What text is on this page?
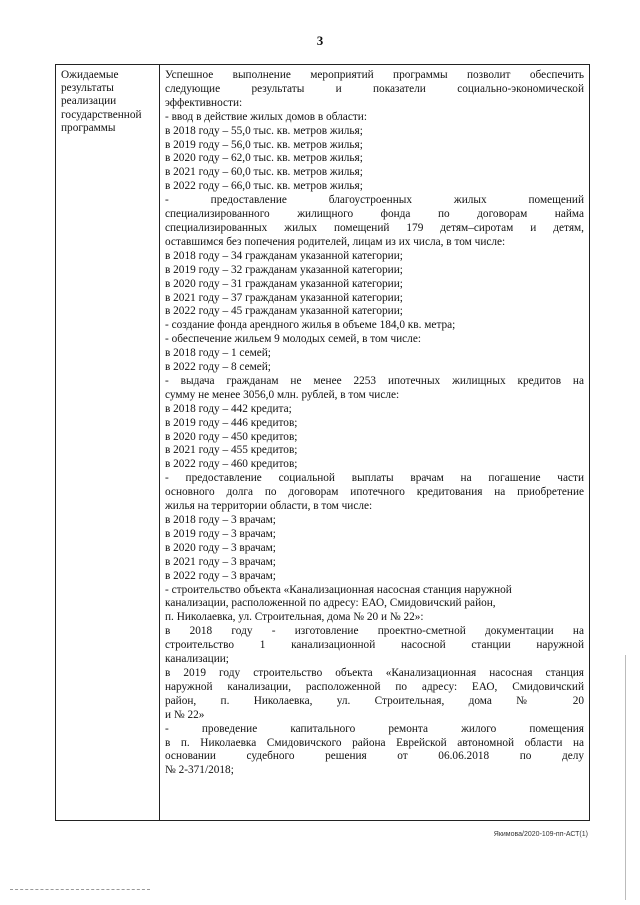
3
Ожидаемые
результаты
реализации
государственной
программы
Успешное выполнение мероприятий программы позволит обеспечить
следующие результаты и показатели социально-экономической
эффективности:
- ввод в действие жилых домов в области:
в 2018 году – 55,0 тыс. кв. метров жилья;
в 2019 году – 56,0 тыс. кв. метров жилья;
в 2020 году – 62,0 тыс. кв. метров жилья;
в 2021 году – 60,0 тыс. кв. метров жилья;
в 2022 году – 66,0 тыс. кв. метров жилья;
- предоставление благоустроенных жилых помещений
специализированного жилищного фонда по договорам найма
специализированных жилых помещений 179 детям–сиротам и детям,
оставшимся без попечения родителей, лицам из их числа, в том числе:
в 2018 году – 34 гражданам указанной категории;
в 2019 году – 32 гражданам указанной категории;
в 2020 году – 31 гражданам указанной категории;
в 2021 году – 37 гражданам указанной категории;
в 2022 году – 45 гражданам указанной категории;
- создание фонда арендного жилья в объеме 184,0 кв. метра;
- обеспечение жильем 9 молодых семей, в том числе:
в 2018 году – 1 семей;
в 2022 году – 8 семей;
- выдача гражданам не менее 2253 ипотечных жилищных кредитов на
сумму не менее 3056,0 млн. рублей, в том числе:
в 2018 году – 442 кредита;
в 2019 году – 446 кредитов;
в 2020 году – 450 кредитов;
в 2021 году – 455 кредитов;
в 2022 году – 460 кредитов;
- предоставление социальной выплаты врачам на погашение части
основного долга по договорам ипотечного кредитования на приобретение
жилья на территории области, в том числе:
в 2018 году – 3 врачам;
в 2019 году – 3 врачам;
в 2020 году – 3 врачам;
в 2021 году – 3 врачам;
в 2022 году – 3 врачам;
- строительство объекта «Канализационная насосная станция наружной
канализации, расположенной по адресу: ЕАО, Смидовичский район,
п. Николаевка, ул. Строительная, дома № 20 и № 22»:
в 2018 году - изготовление проектно-сметной документации на
строительство 1 канализационной насосной станции наружной
канализации;
в 2019 году строительство объекта «Канализационная насосная станция
наружной канализации, расположенной по адресу: ЕАО, Смидовичский
район, п. Николаевка, ул. Строительная, дома № 20
и № 22»
- проведение капитального ремонта жилого помещения
в п. Николаевка Смидовичского района Еврейской автономной области на
основании судебного решения от 06.06.2018 по делу
№ 2-371/2018;
Якимова/2020-109-пп-АСТ(1)
